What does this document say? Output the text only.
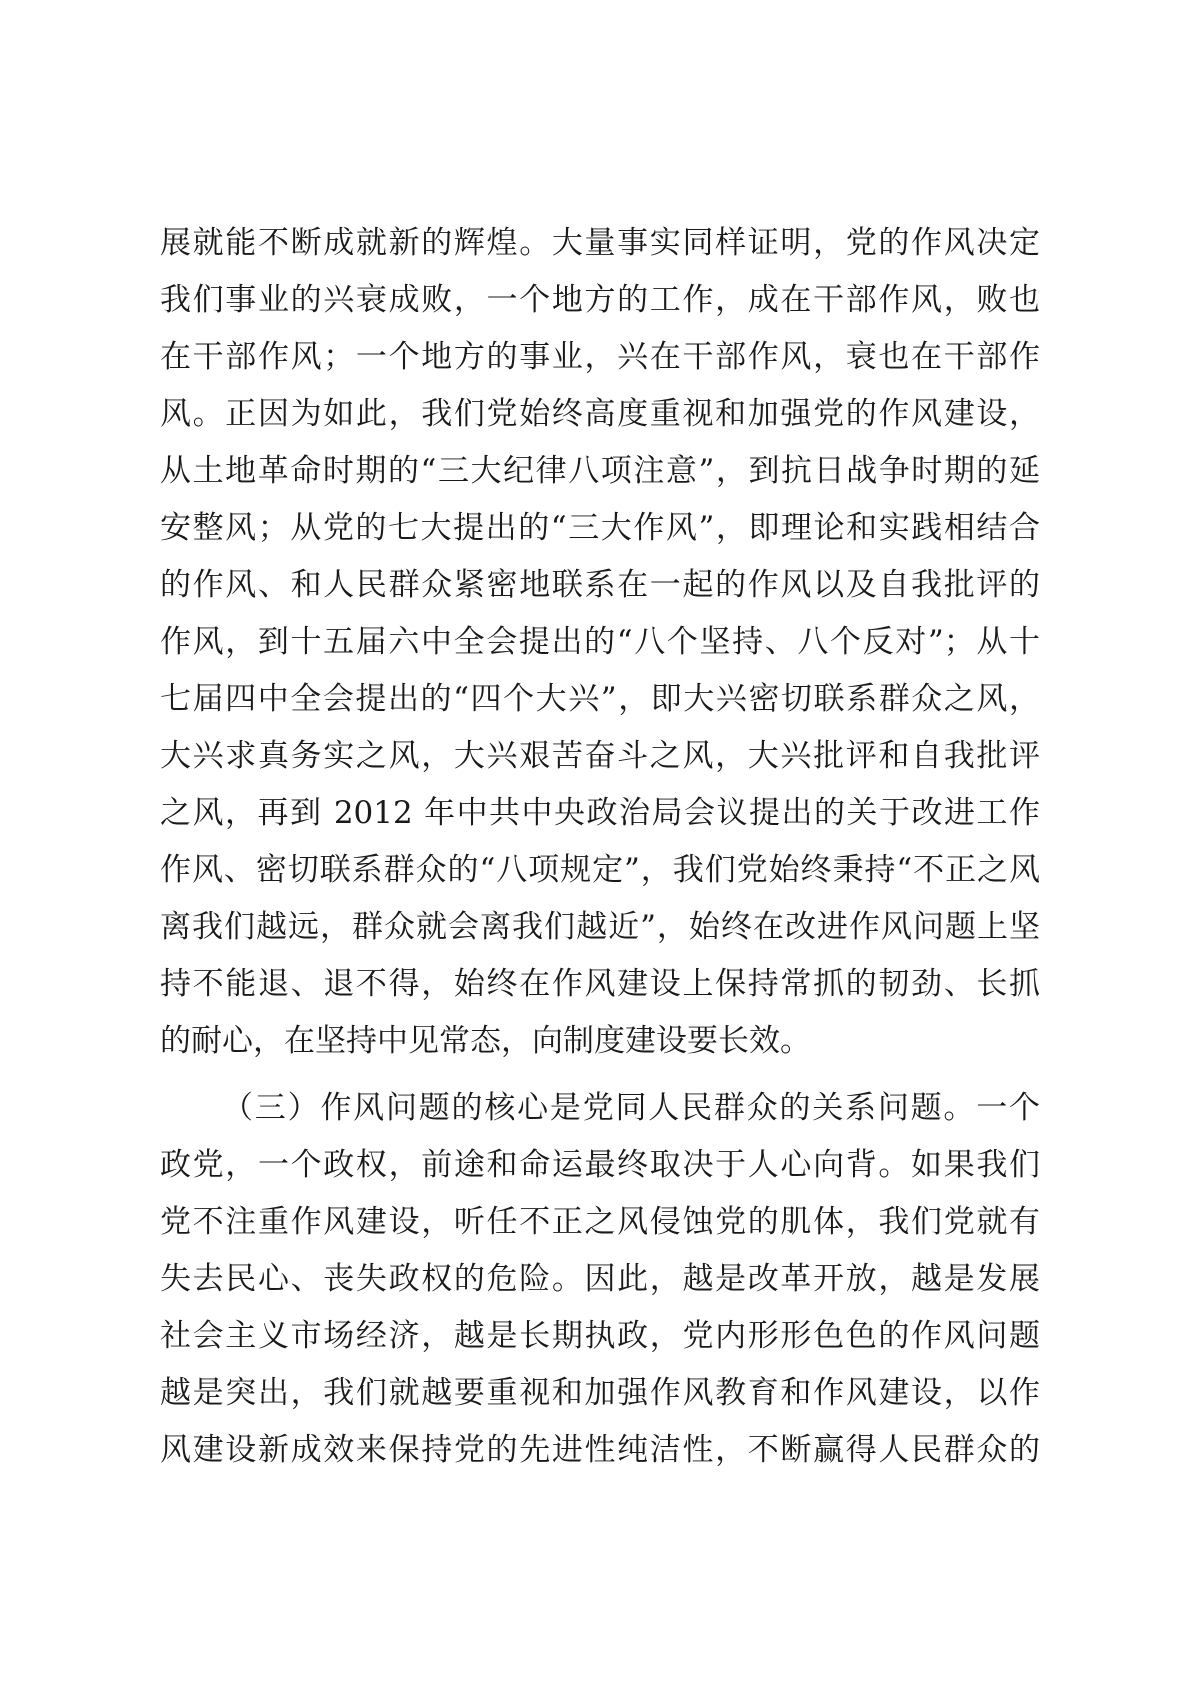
展就能不断成就新的辉煌。大量事实同样证明，党的作风决定
我们事业的兴衰成败，一个地方的工作，成在干部作风，败也
在干部作风；一个地方的事业，兴在干部作风，衰也在干部作
风。正因为如此，我们党始终高度重视和加强党的作风建设，
从土地革命时期的“三大纪律八项注意”，到抗日战争时期的延
安整风；从党的七大提出的“三大作风”，即理论和实践相结合
的作风、和人民群众紧密地联系在一起的作风以及自我批评的
作风，到十五届六中全会提出的“八个坚持、八个反对”；从十
七届四中全会提出的“四个大兴”，即大兴密切联系群众之风，
大兴求真务实之风，大兴艰苦奋斗之风，大兴批评和自我批评
之风，再到 2012 年中共中央政治局会议提出的关于改进工作
作风、密切联系群众的“八项规定”，我们党始终秉持“不正之风
离我们越远，群众就会离我们越近”，始终在改进作风问题上坚
持不能退、退不得，始终在作风建设上保持常抓的韧劲、长抓
的耐心，在坚持中见常态，向制度建设要长效。
（三）作风问题的核心是党同人民群众的关系问题。一个
政党，一个政权，前途和命运最终取决于人心向背。如果我们
党不注重作风建设，听任不正之风侵蚀党的肌体，我们党就有
失去民心、丧失政权的危险。因此，越是改革开放，越是发展
社会主义市场经济，越是长期执政，党内形形色色的作风问题
越是突出，我们就越要重视和加强作风教育和作风建设，以作
风建设新成效来保持党的先进性纯洁性，不断赢得人民群众的
